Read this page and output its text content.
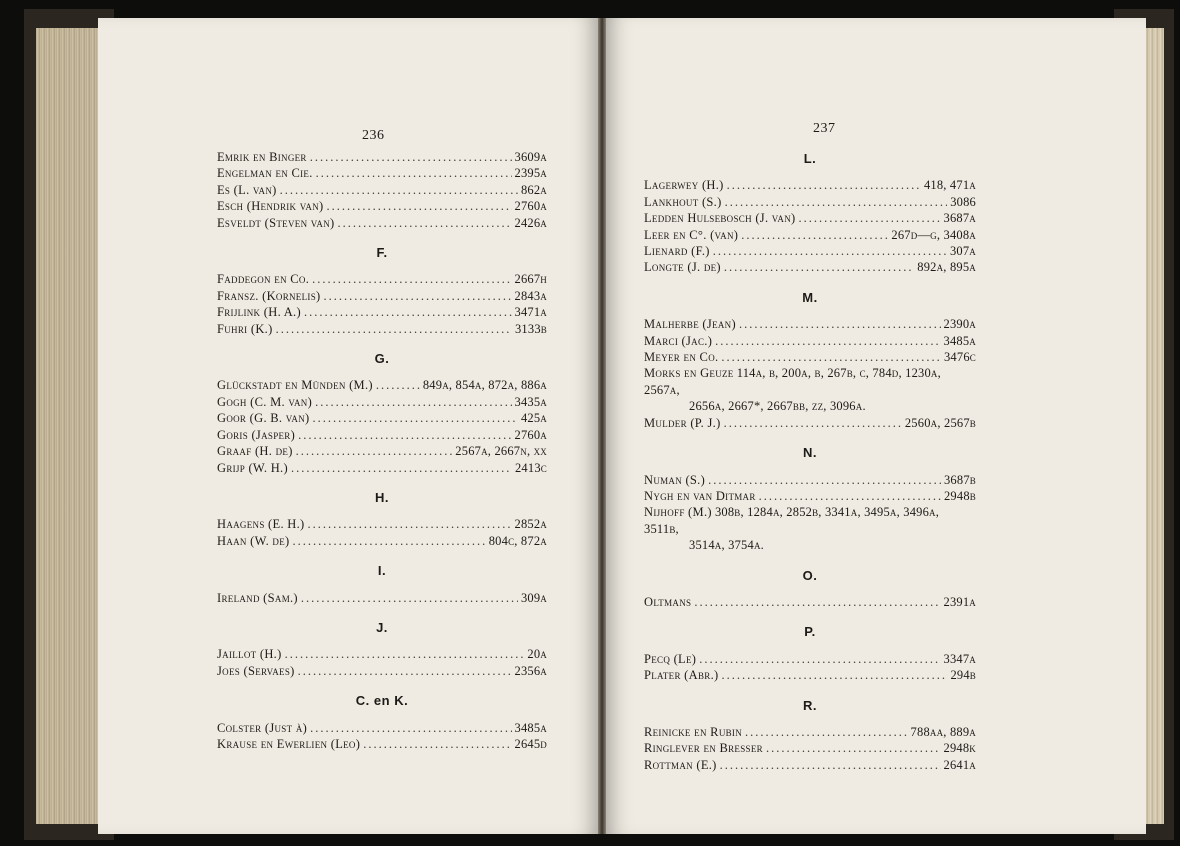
236	237
Emrik en Binger .....	3609a
Engelman en Cie. .....	2395a
Es (L. van) .....	862a
Esch (Hendrik van) .....	2760a
Esveldt (Steven van) .....	2426a
F.
Faddegon en Co. .....	2667h
Fransz. (Kornelis) .....	2843a
Frijlink (H. A.) .....	3471a
Fuhri (K.) .....	3133b
G.
Glückstadt en Münden (M.) .....	849a, 854a, 872a, 886a
Gogh (C. M. van) .....	3435a
Goor (G. B. van) .....	425a
Goris (Jasper) .....	2760a
Graaf (H. de) .....	2567a, 2667n, xx
Grijp (W. H.) .....	2413c
H.
Haagens (E. H.) .....	2852a
Haan (W. de) .....	804c, 872a
I.
Ireland (Sam.) .....	309a
J.
Jaillot (H.) .....	20a
Joes (Servaes) .....	2356a
C. en K.
Colster (Just à) .....	3485a
Krause en Ewerlien (Leo) .....	2645d
L.
Lagerwey (H.) .....	418, 471a
Lankhout (S.) .....	3086
Ledden Hulsebosch (J. van) .....	3687a
Leer en C°. (van) .....	267d—g, 3408a
Lienard (F.) .....	307a
Longte (J. de) .....	892a, 895a
M.
Malherbe (Jean) .....	2390a
Marci (Jac.) .....	3485a
Meyer en Co. .....	3476c
Morks en Geuze 114a, b, 200a, b, 267b, c, 784d, 1230a, 2567a,
2656a, 2667*, 2667bb, zz, 3096a.
Mulder (P. J.) .....	2560a, 2567b
N.
Numan (S.) .....	3687b
Nygh en van Ditmar .....	2948b
Nijhoff (M.) 308b, 1284a, 2852b, 3341a, 3495a, 3496a, 3511b,
3514a, 3754a.
O.
Oltmans .....	2391a
P.
Pecq (Le) .....	3347a
Plater (Abr.) .....	294b
R.
Reinicke en Rubin .....	788aa, 889a
Ringlever en Bresser .....	2948k
Rottman (E.) .....	2641a
